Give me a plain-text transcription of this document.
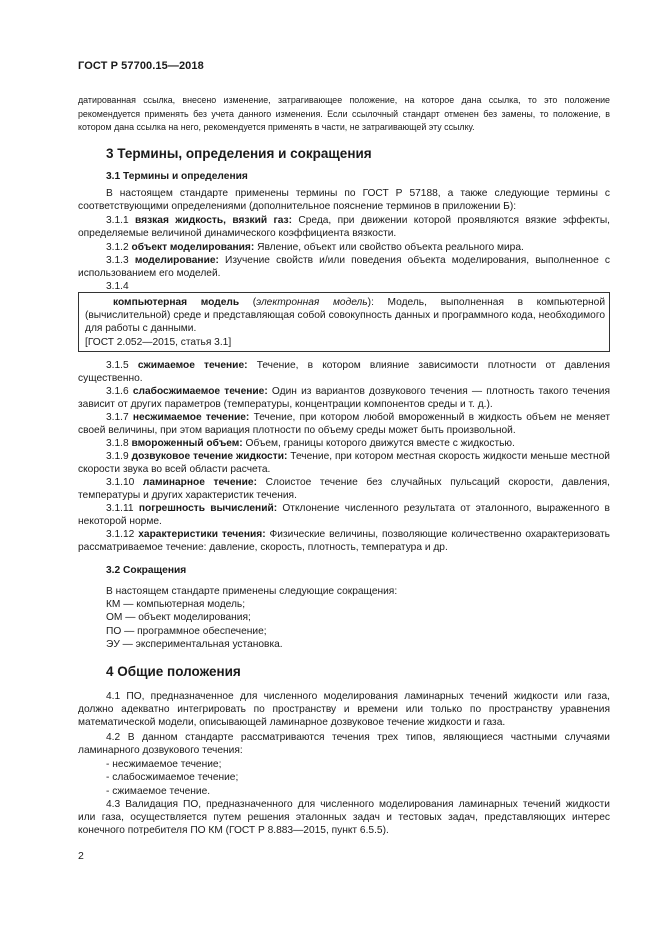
ГОСТ Р 57700.15—2018
датированная ссылка, внесено изменение, затрагивающее положение, на которое дана ссылка, то это положение рекомендуется применять без учета данного изменения. Если ссылочный стандарт отменен без замены, то положение, в котором дана ссылка на него, рекомендуется применять в части, не затрагивающей эту ссылку.
3 Термины, определения и сокращения
3.1 Термины и определения
В настоящем стандарте применены термины по ГОСТ Р 57188, а также следующие термины с соответствующими определениями (дополнительное пояснение терминов в приложении Б):
3.1.1 вязкая жидкость, вязкий газ: Среда, при движении которой проявляются вязкие эффекты, определяемые величиной динамического коэффициента вязкости.
3.1.2 объект моделирования: Явление, объект или свойство объекта реального мира.
3.1.3 моделирование: Изучение свойств и/или поведения объекта моделирования, выполненное с использованием его моделей.
3.1.4
компьютерная модель (электронная модель): Модель, выполненная в компьютерной (вычислительной) среде и представляющая собой совокупность данных и программного кода, необходимого для работы с данными.
[ГОСТ 2.052—2015, статья 3.1]
3.1.5 сжимаемое течение: Течение, в котором влияние зависимости плотности от давления существенно.
3.1.6 слабосжимаемое течение: Один из вариантов дозвукового течения — плотность такого течения зависит от других параметров (температуры, концентрации компонентов среды и т. д.).
3.1.7 несжимаемое течение: Течение, при котором любой вмороженный в жидкость объем не меняет своей величины, при этом вариация плотности по объему среды может быть произвольной.
3.1.8 вмороженный объем: Объем, границы которого движутся вместе с жидкостью.
3.1.9 дозвуковое течение жидкости: Течение, при котором местная скорость жидкости меньше местной скорости звука во всей области расчета.
3.1.10 ламинарное течение: Слоистое течение без случайных пульсаций скорости, давления, температуры и других характеристик течения.
3.1.11 погрешность вычислений: Отклонение численного результата от эталонного, выраженного в некоторой норме.
3.1.12 характеристики течения: Физические величины, позволяющие количественно охарактеризовать рассматриваемое течение: давление, скорость, плотность, температура и др.
3.2 Сокращения
В настоящем стандарте применены следующие сокращения:
КМ — компьютерная модель;
ОМ — объект моделирования;
ПО — программное обеспечение;
ЭУ — экспериментальная установка.
4 Общие положения
4.1 ПО, предназначенное для численного моделирования ламинарных течений жидкости или газа, должно адекватно интегрировать по пространству и времени или только по пространству уравнения математической модели, описывающей ламинарное дозвуковое течение жидкости и газа.
4.2 В данном стандарте рассматриваются течения трех типов, являющиеся частными случаями ламинарного дозвукового течения:
- несжимаемое течение;
- слабосжимаемое течение;
- сжимаемое течение.
4.3 Валидация ПО, предназначенного для численного моделирования ламинарных течений жидкости или газа, осуществляется путем решения эталонных задач и тестовых задач, представляющих интерес конечного потребителя ПО КМ (ГОСТ Р 8.883—2015, пункт 6.5.5).
2
